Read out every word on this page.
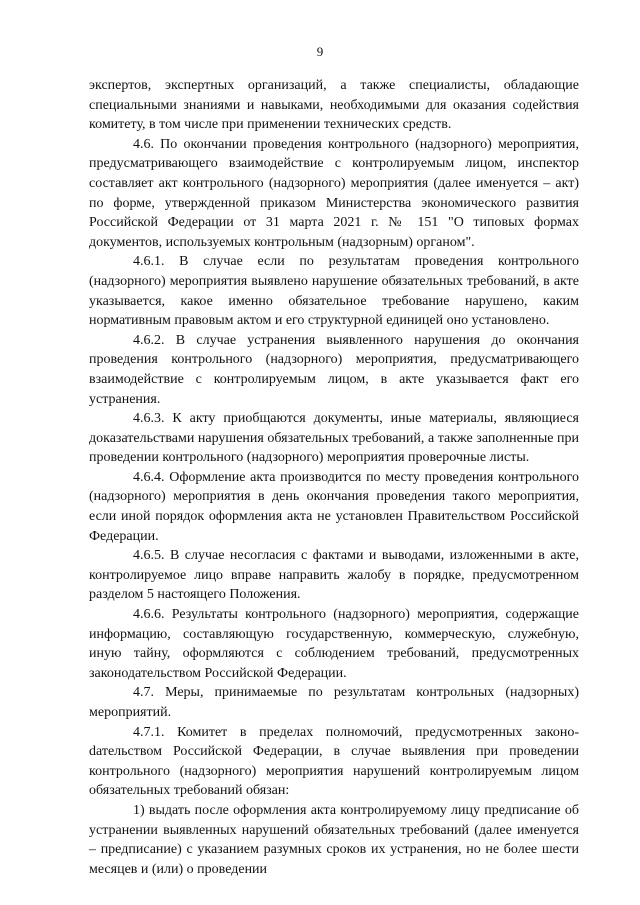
9

экспертов, экспертных организаций, а также специалисты, обладающие специальными знаниями и навыками, необходимыми для оказания содействия комитету, в том числе при применении технических средств.

4.6. По окончании проведения контрольного (надзорного) мероприятия, предусматривающего взаимодействие с контролируемым лицом, инспектор составляет акт контрольного (надзорного) мероприятия (далее именуется – акт) по форме, утвержденной приказом Министерства экономического развития Российской Федерации от 31 марта 2021 г. № 151 "О типовых формах документов, используемых контрольным (надзорным) органом".

4.6.1. В случае если по результатам проведения контрольного (надзорного) мероприятия выявлено нарушение обязательных требований, в акте указывается, какое именно обязательное требование нарушено, каким нормативным правовым актом и его структурной единицей оно установлено.

4.6.2. В случае устранения выявленного нарушения до окончания проведения контрольного (надзорного) мероприятия, предусматривающего взаимодействие с контролируемым лицом, в акте указывается факт его устранения.

4.6.3. К акту приобщаются документы, иные материалы, являющиеся доказательствами нарушения обязательных требований, а также заполненные при проведении контрольного (надзорного) мероприятия проверочные листы.

4.6.4. Оформление акта производится по месту проведения контрольного (надзорного) мероприятия в день окончания проведения такого мероприятия, если иной порядок оформления акта не установлен Правительством Российской Федерации.

4.6.5. В случае несогласия с фактами и выводами, изложенными в акте, контролируемое лицо вправе направить жалобу в порядке, предусмотренном разделом 5 настоящего Положения.

4.6.6. Результаты контрольного (надзорного) мероприятия, содержащие информацию, составляющую государственную, коммерческую, служебную, иную тайну, оформляются с соблюдением требований, предусмотренных законодательством Российской Федерации.

4.7. Меры, принимаемые по результатам контрольных (надзорных) мероприятий.

4.7.1. Комитет в пределах полномочий, предусмотренных законоdательством Российской Федерации, в случае выявления при проведении контрольного (надзорного) мероприятия нарушений контролируемым лицом обязательных требований обязан:

1) выдать после оформления акта контролируемому лицу предписание об устранении выявленных нарушений обязательных требований (далее именуется – предписание) с указанием разумных сроков их устранения, но не более шести месяцев и (или) о проведении
